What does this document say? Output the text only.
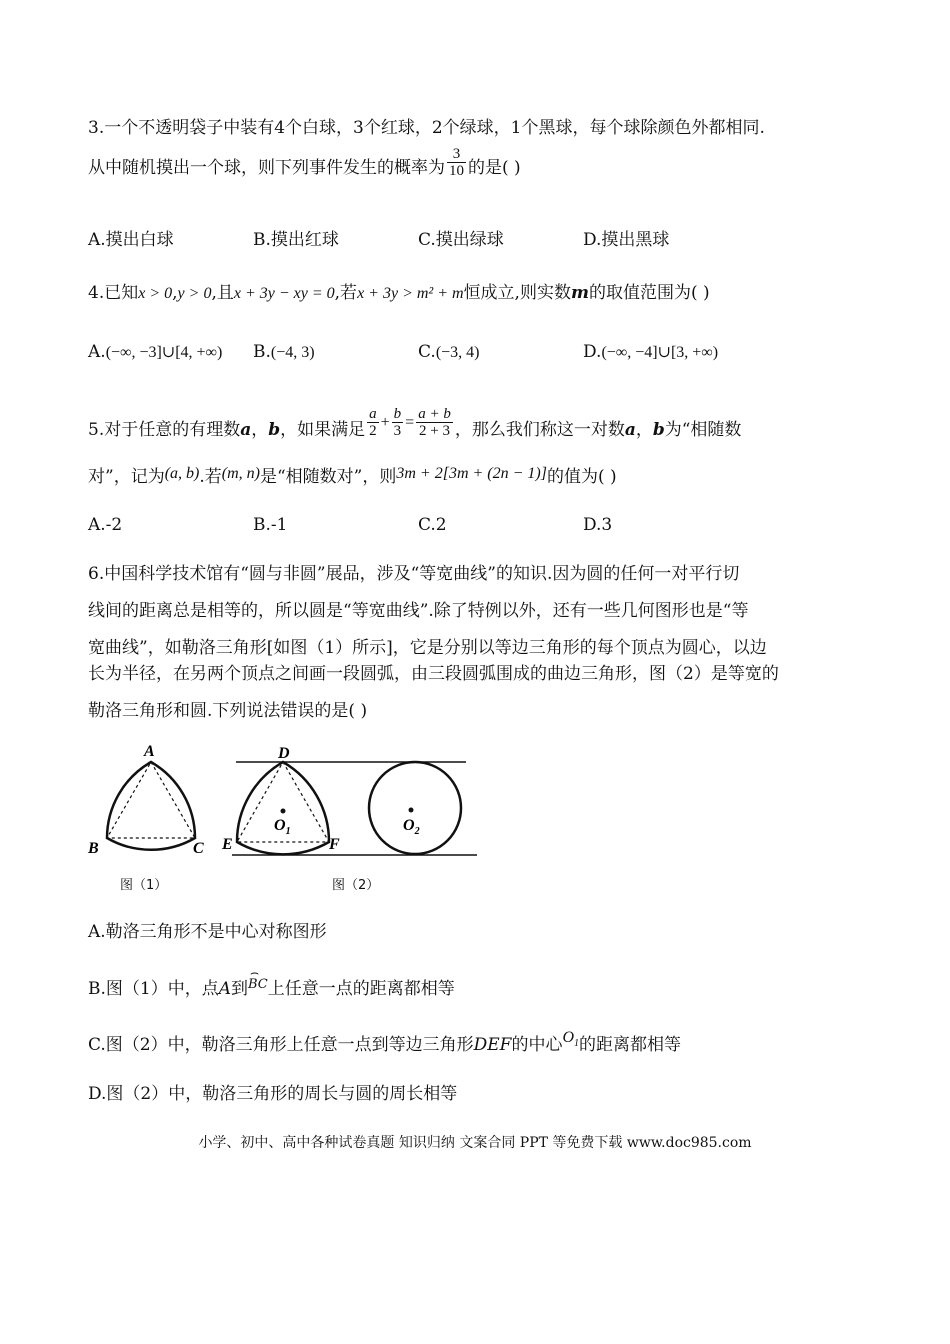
3.一个不透明袋子中装有4个白球，3个红球，2个绿球，1个黑球，每个球除颜色外都相同.
从中随机摸出一个球，则下列事件发生的概率为 $\frac{3}{10}$ 的是( )
A.摸出白球	B.摸出红球	C.摸出绿球	D.摸出黑球
4.已知x > 0,y > 0,且x + 3y − xy = 0,若x + 3y > m² + m恒成立,则实数m的取值范围为( )
A.(−∞, −3]∪[4, +∞) B.(−4, 3)	C.(−3, 4)	D.(−∞, −4]∪[3, +∞)
5.对于任意的有理数a，b，如果满足 $\frac{a}{2} + \frac{b}{3} = \frac{a + b}{2 + 3}$ ，那么我们称这一对数a，b为“相随数
对”，记为(a, b).若(m, n)是“相随数对”，则3m + 2[3m + (2n − 1)]的值为( )
A.-2	B.-1	C.2	D.3
6.中国科学技术馆有“圆与非圆”展品，涉及“等宽曲线”的知识.因为圆的任何一对平行切
线间的距离总是相等的，所以圆是“等宽曲线”.除了特例以外，还有一些几何图形也是“等
宽曲线”，如勒洛三角形[如图（1）所示]，它是分别以等边三角形的每个顶点为圆心，以边
长为半径，在另两个顶点之间画一段圆弧，由三段圆弧围成的曲边三角形，图（2）是等宽的
勒洛三角形和圆.下列说法错误的是( )
A
B	C
$O_1$
D
E	F
$O_2$
图（1）	图（2）
A.勒洛三角形不是中心对称图形
B.图（1）中，点A到
⌢
BC上任意一点的距离都相等
C.图（2）中，勒洛三角形上任意一点到等边三角形DEF的中心$O_1$的距离都相等
D.图（2）中，勒洛三角形的周长与圆的周长相等
小学、初中、高中各种试卷真题 知识归纳 文案合同 PPT 等免费下载 www.doc985.com
